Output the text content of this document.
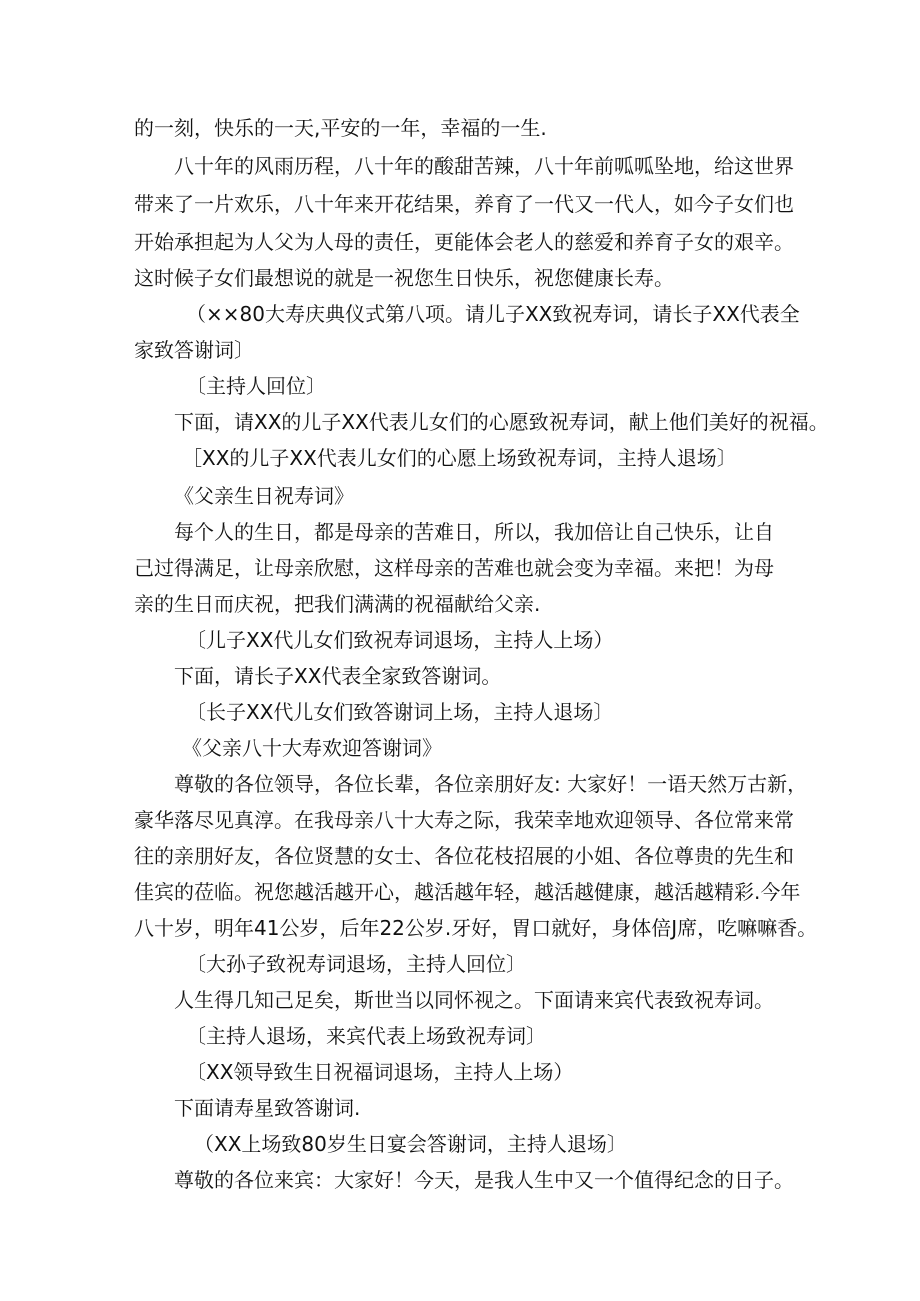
的一刻，快乐的一天,平安的一年，幸福的一生.
八十年的风雨历程，八十年的酸甜苦辣，八十年前呱呱坠地，给这世界
带来了一片欢乐，八十年来开花结果，养育了一代又一代人，如今子女们也
开始承担起为人父为人母的责任，更能体会老人的慈爱和养育子女的艰辛。
这时候子女们最想说的就是一祝您生日快乐，祝您健康长寿。
（××80大寿庆典仪式第八项。请儿子XX致祝寿词，请长子XX代表全
家致答谢词〕
〔主持人回位〕
下面，请XX的儿子XX代表儿女们的心愿致祝寿词，献上他们美好的祝福。
［XX的儿子XX代表儿女们的心愿上场致祝寿词，主持人退场〕
《父亲生日祝寿词》
每个人的生日，都是母亲的苦难日，所以，我加倍让自己快乐，让自
己过得满足，让母亲欣慰，这样母亲的苦难也就会变为幸福。来把！为母
亲的生日而庆祝，把我们满满的祝福献给父亲.
〔儿子XX代儿女们致祝寿词退场，主持人上场）
下面，请长子XX代表全家致答谢词。
〔长子XX代儿女们致答谢词上场，主持人退场〕
《父亲八十大寿欢迎答谢词》
尊敬的各位领导，各位长辈，各位亲朋好友: 大家好！一语天然万古新，
豪华落尽见真淳。在我母亲八十大寿之际，我荣幸地欢迎领导、各位常来常
往的亲朋好友，各位贤慧的女士、各位花枝招展的小姐、各位尊贵的先生和
佳宾的莅临。祝您越活越开心，越活越年轻，越活越健康，越活越精彩.今年
八十岁，明年41公岁，后年22公岁.牙好，胃口就好，身体倍J席，吃嘛嘛香。
〔大孙子致祝寿词退场，主持人回位〕
人生得几知己足矣，斯世当以同怀视之。下面请来宾代表致祝寿词。
〔主持人退场，来宾代表上场致祝寿词〕
〔XX领导致生日祝福词退场，主持人上场）
下面请寿星致答谢词.
（XX上场致80岁生日宴会答谢词，主持人退场〕
尊敬的各位来宾：大家好！今天，是我人生中又一个值得纪念的日子。
